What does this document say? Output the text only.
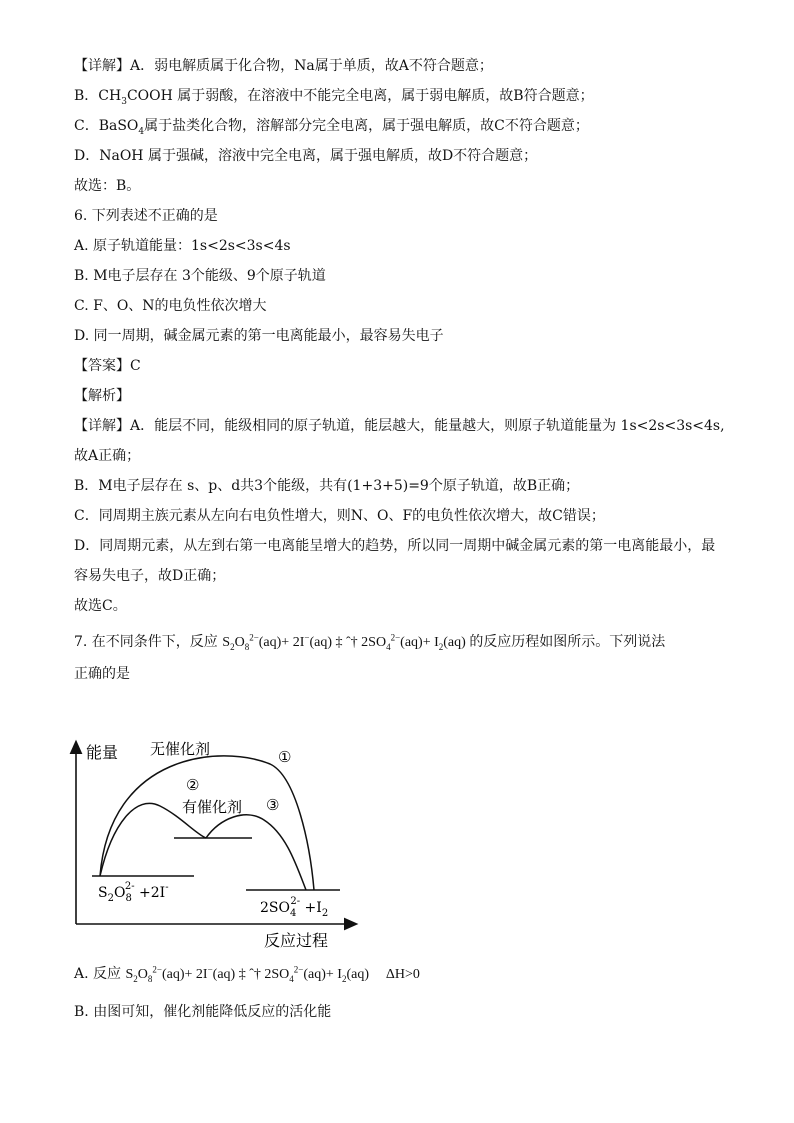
【详解】A．弱电解质属于化合物，Na属于单质，故A不符合题意；
B．$CH_3COOH$ 属于弱酸，在溶液中不能完全电离，属于弱电解质，故B符合题意；
C．BaSO$_4$属于盐类化合物，溶解部分完全电离，属于强电解质，故C不符合题意；
D．NaOH 属于强碱，溶液中完全电离，属于强电解质，故D不符合题意；
故选：B。
6. 下列表述不正确的是
A. 原子轨道能量：1s<2s<3s<4s
B. M电子层存在 3个能级、9个原子轨道
C. F、O、N的电负性依次增大
D. 同一周期，碱金属元素的第一电离能最小，最容易失电子
【答案】C
【解析】
【详解】A．能层不同，能级相同的原子轨道，能层越大，能量越大，则原子轨道能量为 1s<2s<3s<4s,
故A正确；
B．M电子层存在 s、p、d共3个能级，共有(1+3+5)=9个原子轨道，故B正确；
C．同周期主族元素从左向右电负性增大，则N、O、F的电负性依次增大，故C错误；
D．同周期元素，从左到右第一电离能呈增大的趋势，所以同一周期中碱金属元素的第一电离能最小，最
容易失电子，故D正确；
故选C。
7. 在不同条件下，反应 $S_2O_8^{2-}(aq)+ 2I^-(aq)$ ‡ ˆ† $2SO_4^{2-}(aq)+ I_2(aq)$ 的反应历程如图所示。下列说法
正确的是
能量
反应过程
无催化剂
有催化剂
①
②
③
$S_2O_82- +2I^-$
$2SO_42- +I_2$
A. 反应 $S_2O_8^{2-}(aq)+ 2I^-(aq)$ ‡ ˆ† $2SO_4^{2-}(aq)+ I_2(aq)$ ΔH>0
B. 由图可知，催化剂能降低反应的活化能
